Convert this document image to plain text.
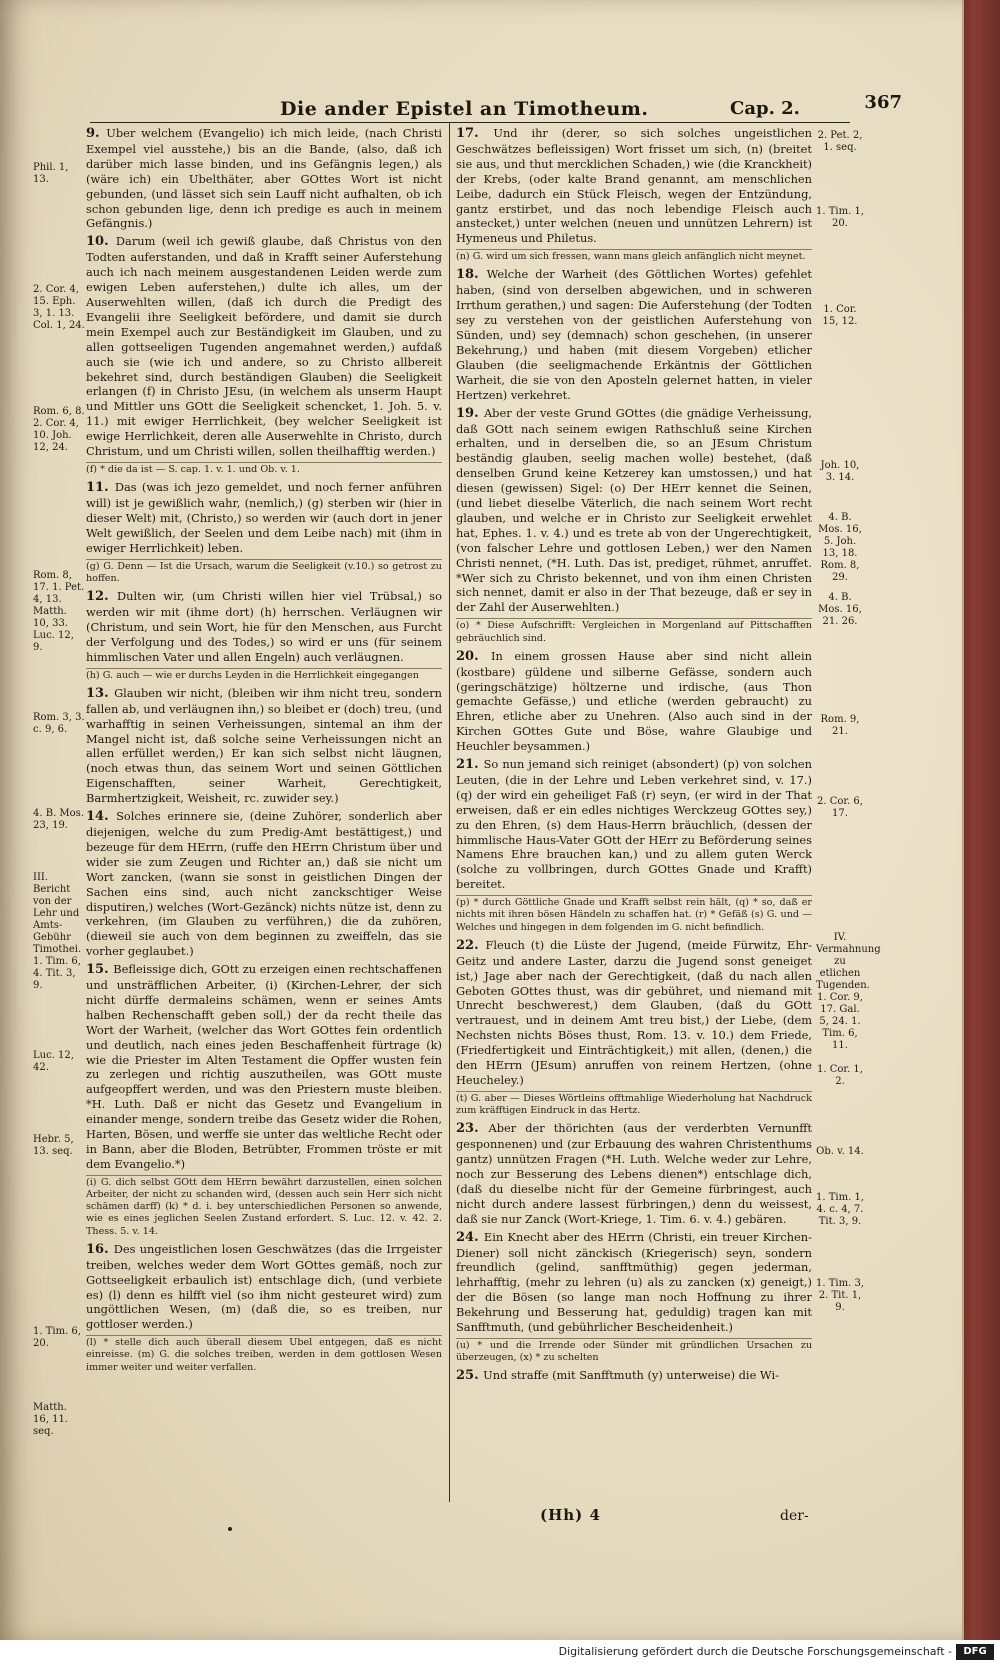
Die ander Epistel an Timotheum.	Cap. 2.	367
Phil. 1, 13.
2. Cor. 4, 15. Eph. 3, 1. 13. Col. 1, 24.
Rom. 6, 8. 2. Cor. 4, 10. Joh. 12, 24.
Rom. 8, 17. 1. Pet. 4, 13. Matth. 10, 33. Luc. 12, 9.
Rom. 3, 3. c. 9, 6.
4. B. Mos. 23, 19.
III. Bericht von der Lehr und Amts-Gebühr Timothei. 1. Tim. 6, 4. Tit. 3, 9.
Luc. 12, 42.
Hebr. 5, 13. seq.
1. Tim. 6, 20.
Matth. 16, 11. seq.

9. Uber welchem (Evangelio) ich mich leide, (nach Christi Exempel viel ausstehe,) bis an die Bande, (also, daß ich darüber mich lasse binden, und ins Gefängnis legen,) als (wäre ich) ein Ubelthäter, aber GOttes Wort ist nicht gebunden, (und lässet sich sein Lauff nicht aufhalten, ob ich schon gebunden lige, denn ich predige es auch in meinem Gefängnis.)

10. Darum (weil ich gewiß glaube, daß Christus von den Todten auferstanden, und daß in Krafft seiner Auferstehung auch ich nach meinem ausgestandenen Leiden werde zum ewigen Leben auferstehen,) dulte ich alles, um der Auserwehlten willen, (daß ich durch die Predigt des Evangelii ihre Seeligkeit befördere, und damit sie durch mein Exempel auch zur Beständigkeit im Glauben, und zu allen gottseeligen Tugenden angemahnet werden,) aufdaß auch sie (wie ich und andere, so zu Christo allbereit bekehret sind, durch beständigen Glauben) die Seeligkeit erlangen (f) in Christo JEsu, (in welchem als unserm Haupt und Mittler uns GOtt die Seeligkeit schencket, 1. Joh. 5. v. 11.) mit ewiger Herrlichkeit, (bey welcher Seeligkeit ist ewige Herrlichkeit, deren alle Auserwehlte in Christo, durch Christum, und um Christi willen, sollen theilhafftig werden.)

(f) * die da ist — S. cap. 1. v. 1. und Ob. v. 1.

11. Das (was ich jezo gemeldet, und noch ferner anführen will) ist je gewißlich wahr, (nemlich,) (g) sterben wir (hier in dieser Welt) mit, (Christo,) so werden wir (auch dort in jener Welt gewißlich, der Seelen und dem Leibe nach) mit (ihm in ewiger Herrlichkeit) leben.

(g) G. Denn — Ist die Ursach, warum die Seeligkeit (v.10.) so getrost zu hoffen.

12. Dulten wir, (um Christi willen hier viel Trübsal,) so werden wir mit (ihme dort) (h) herrschen. Verläugnen wir (Christum, und sein Wort, hie für den Menschen, aus Furcht der Verfolgung und des Todes,) so wird er uns (für seinem himmlischen Vater und allen Engeln) auch verläugnen.

(h) G. auch — wie er durchs Leyden in die Herrlichkeit eingegangen

13. Glauben wir nicht, (bleiben wir ihm nicht treu, sondern fallen ab, und verläugnen ihn,) so bleibet er (doch) treu, (und warhafftig in seinen Verheissungen, sintemal an ihm der Mangel nicht ist, daß solche seine Verheissungen nicht an allen erfüllet werden,) Er kan sich selbst nicht läugnen, (noch etwas thun, das seinem Wort und seinen Göttlichen Eigenschafften, seiner Warheit, Gerechtigkeit, Barmhertzigkeit, Weisheit, rc. zuwider sey.)

14. Solches erinnere sie, (deine Zuhörer, sonderlich aber diejenigen, welche du zum Predig-Amt bestättigest,) und bezeuge für dem HErrn, (ruffe den HErrn Christum über und wider sie zum Zeugen und Richter an,) daß sie nicht um Wort zancken, (wann sie sonst in geistlichen Dingen der Sachen eins sind, auch nicht zanckschtiger Weise disputiren,) welches (Wort-Gezänck) nichts nütze ist, denn zu verkehren, (im Glauben zu verführen,) die da zuhören, (dieweil sie auch von dem beginnen zu zweiffeln, das sie vorher geglaubet.)

15. Befleissige dich, GOtt zu erzeigen einen rechtschaffenen und unsträfflichen Arbeiter, (i) (Kirchen-Lehrer, der sich nicht dürffe dermaleins schämen, wenn er seines Amts halben Rechenschafft geben soll,) der da recht theile das Wort der Warheit, (welcher das Wort GOttes fein ordentlich und deutlich, nach eines jeden Beschaffenheit fürtrage (k) wie die Priester im Alten Testament die Opffer wusten fein zu zerlegen und richtig auszutheilen, was GOtt muste aufgeopffert werden, und was den Priestern muste bleiben. *H. Luth. Daß er nicht das Gesetz und Evangelium in einander menge, sondern treibe das Gesetz wider die Rohen, Harten, Bösen, und werffe sie unter das weltliche Recht oder in Bann, aber die Bloden, Betrübter, Frommen tröste er mit dem Evangelio.*)

(i) G. dich selbst GOtt dem HErrn bewährt darzustellen, einen solchen Arbeiter, der nicht zu schanden wird, (dessen auch sein Herr sich nicht schämen darff) (k) * d. i. bey unterschiedlichen Personen so anwende, wie es eines jeglichen Seelen Zustand erfordert. S. Luc. 12. v. 42. 2. Thess. 5. v. 14.

16. Des ungeistlichen losen Geschwätzes (das die Irrgeister treiben, welches weder dem Wort GOttes gemäß, noch zur Gottseeligkeit erbaulich ist) entschlage dich, (und verbiete es) (l) denn es hilfft viel (so ihm nicht gesteuret wird) zum ungöttlichen Wesen, (m) (daß die, so es treiben, nur gottloser werden.)

(l) * stelle dich auch überall diesem Ubel entgegen, daß es nicht einreisse. (m) G. die solches treiben, werden in dem gottlosen Wesen immer weiter und weiter verfallen.

17. Und ihr (derer, so sich solches ungeistlichen Geschwätzes befleissigen) Wort frisset um sich, (n) (breitet sie aus, und thut mercklichen Schaden,) wie (die Kranckheit) der Krebs, (oder kalte Brand genannt, am menschlichen Leibe, dadurch ein Stück Fleisch, wegen der Entzündung, gantz erstirbet, und das noch lebendige Fleisch auch anstecket,) unter welchen (neuen und unnützen Lehrern) ist Hymeneus und Philetus.

(n) G. wird um sich fressen, wann mans gleich anfänglich nicht meynet.

18. Welche der Warheit (des Göttlichen Wortes) gefehlet haben, (sind von derselben abgewichen, und in schweren Irrthum gerathen,) und sagen: Die Auferstehung (der Todten sey zu verstehen von der geistlichen Auferstehung von Sünden, und) sey (demnach) schon geschehen, (in unserer Bekehrung,) und haben (mit diesem Vorgeben) etlicher Glauben (die seeligmachende Erkäntnis der Göttlichen Warheit, die sie von den Aposteln gelernet hatten, in vieler Hertzen) verkehret.

19. Aber der veste Grund GOttes (die gnädige Verheissung, daß GOtt nach seinem ewigen Rathschluß seine Kirchen erhalten, und in derselben die, so an JEsum Christum beständig glauben, seelig machen wolle) bestehet, (daß denselben Grund keine Ketzerey kan umstossen,) und hat diesen (gewissen) Sigel: (o) Der HErr kennet die Seinen, (und liebet dieselbe Väterlich, die nach seinem Wort recht glauben, und welche er in Christo zur Seeligkeit erwehlet hat, Ephes. 1. v. 4.) und es trete ab von der Ungerechtigkeit, (von falscher Lehre und gottlosen Leben,) wer den Namen Christi nennet, (*H. Luth. Das ist, prediget, rühmet, anruffet. *Wer sich zu Christo bekennet, und von ihm einen Christen sich nennet, damit er also in der That bezeuge, daß er sey in der Zahl der Auserwehlten.)

(o) * Diese Aufschrifft: Vergleichen in Morgenland auf Pittschafften gebräuchlich sind.

20. In einem grossen Hause aber sind nicht allein (kostbare) güldene und silberne Gefässe, sondern auch (geringschätzige) höltzerne und irdische, (aus Thon gemachte Gefässe,) und etliche (werden gebraucht) zu Ehren, etliche aber zu Unehren. (Also auch sind in der Kirchen GOttes Gute und Böse, wahre Glaubige und Heuchler beysammen.)

21. So nun jemand sich reiniget (absondert) (p) von solchen Leuten, (die in der Lehre und Leben verkehret sind, v. 17.) (q) der wird ein geheiliget Faß (r) seyn, (er wird in der That erweisen, daß er ein edles nichtiges Werckzeug GOttes sey,) zu den Ehren, (s) dem Haus-Herrn bräuchlich, (dessen der himmlische Haus-Vater GOtt der HErr zu Beförderung seines Namens Ehre brauchen kan,) und zu allem guten Werck (solche zu vollbringen, durch GOttes Gnade und Krafft) bereitet.

(p) * durch Göttliche Gnade und Krafft selbst rein hält, (q) * so, daß er nichts mit ihren bösen Händeln zu schaffen hat. (r) * Gefäß (s) G. und — Welches und hingegen in dem folgenden im G. nicht befindlich.

22. Fleuch (t) die Lüste der Jugend, (meide Fürwitz, Ehr-Geitz und andere Laster, darzu die Jugend sonst geneiget ist,) Jage aber nach der Gerechtigkeit, (daß du nach allen Geboten GOttes thust, was dir gebühret, und niemand mit Unrecht beschwerest,) dem Glauben, (daß du GOtt vertrauest, und in deinem Amt treu bist,) der Liebe, (dem Nechsten nichts Böses thust, Rom. 13. v. 10.) dem Friede, (Friedfertigkeit und Einträchtigkeit,) mit allen, (denen,) die den HErrn (JEsum) anruffen von reinem Hertzen, (ohne Heucheley.)

(t) G. aber — Dieses Wörtleins offtmahlige Wiederholung hat Nachdruck zum kräfftigen Eindruck in das Hertz.

23. Aber der thörichten (aus der verderbten Vernunfft gesponnenen) und (zur Erbauung des wahren Christenthums gantz) unnützen Fragen (*H. Luth. Welche weder zur Lehre, noch zur Besserung des Lebens dienen*) entschlage dich, (daß du dieselbe nicht für der Gemeine fürbringest, auch nicht durch andere lassest fürbringen,) denn du weissest, daß sie nur Zanck (Wort-Kriege, 1. Tim. 6. v. 4.) gebären.

24. Ein Knecht aber des HErrn (Christi, ein treuer Kirchen-Diener) soll nicht zänckisch (Kriegerisch) seyn, sondern freundlich (gelind, sanfftmüthig) gegen jederman, lehrhafftig, (mehr zu lehren (u) als zu zancken (x) geneigt,) der die Bösen (so lange man noch Hoffnung zu ihrer Bekehrung und Besserung hat, geduldig) tragen kan mit Sanfftmuth, (und gebührlicher Bescheidenheit.)

(u) * und die Irrende oder Sünder mit gründlichen Ursachen zu überzeugen, (x) * zu schelten

25. Und straffe (mit Sanfftmuth (y) unterweise) die Wi-

2. Pet. 2, 1. seq.
1. Tim. 1, 20.
1. Cor. 15, 12.
Joh. 10, 3. 14.
4. B. Mos. 16, 5. Joh. 13, 18. Rom. 8, 29.
4. B. Mos. 16, 21. 26.
Rom. 9, 21.
2. Cor. 6, 17.
IV. Vermahnung zu etlichen Tugenden. 1. Cor. 9, 17. Gal. 5, 24. 1. Tim. 6, 11.
1. Cor. 1, 2.
Ob. v. 14.
1. Tim. 1, 4. c. 4, 7. Tit. 3, 9.
1. Tim. 3, 2. Tit. 1, 9.
(Hh) 4	der-
Digitalisierung gefördert durch die Deutsche Forschungsgemeinschaft -	DFG
